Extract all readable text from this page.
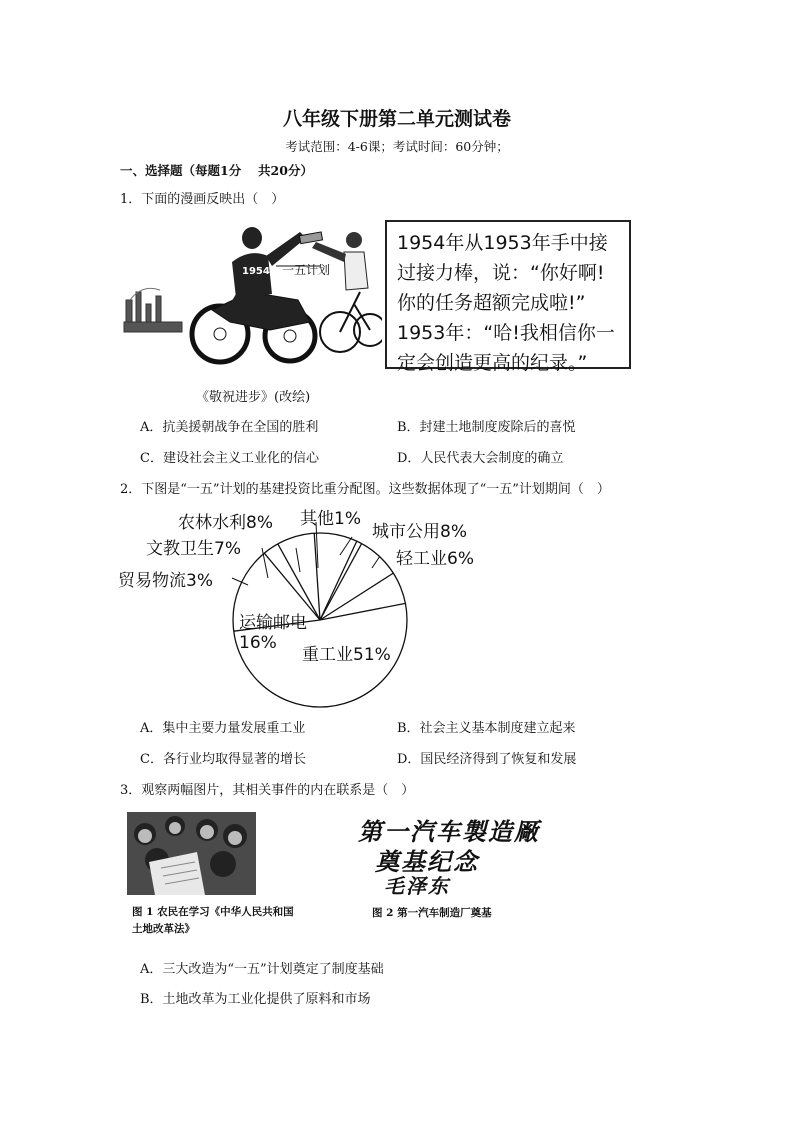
八年级下册第二单元测试卷
考试范围：4-6课；考试时间：60分钟；
一、选择题（每题1分　 共20分）
1．下面的漫画反映出（　）
1954 一五计划
1954年从1953年手中接
过接力棒，说：“你好啊!
你的任务超额完成啦!”
1953年：“哈!我相信你一
定会创造更高的纪录。”
《敬祝进步》(改绘)
A．抗美援朝战争在全国的胜利	B．封建土地制度废除后的喜悦
C．建设社会主义工业化的信心	D．人民代表大会制度的确立
2．下图是“一五”计划的基建投资比重分配图。这些数据体现了“一五”计划期间（　）
重工业51%
运输邮电
16%
贸易物流3%
文教卫生7%
农林水利8% 其他1%
城市公用8%
轻工业6%
A．集中主要力量发展重工业	B．社会主义基本制度建立起来
C．各行业均取得显著的增长	D．国民经济得到了恢复和发展
3．观察两幅图片，其相关事件的内在联系是（　）
图 1 农民在学习《中华人民共和国
土地改革法》
第一汽车製造厰
奠基纪念
毛泽东
图 2 第一汽车制造厂奠基
A．三大改造为“一五”计划奠定了制度基础
B．土地改革为工业化提供了原料和市场
